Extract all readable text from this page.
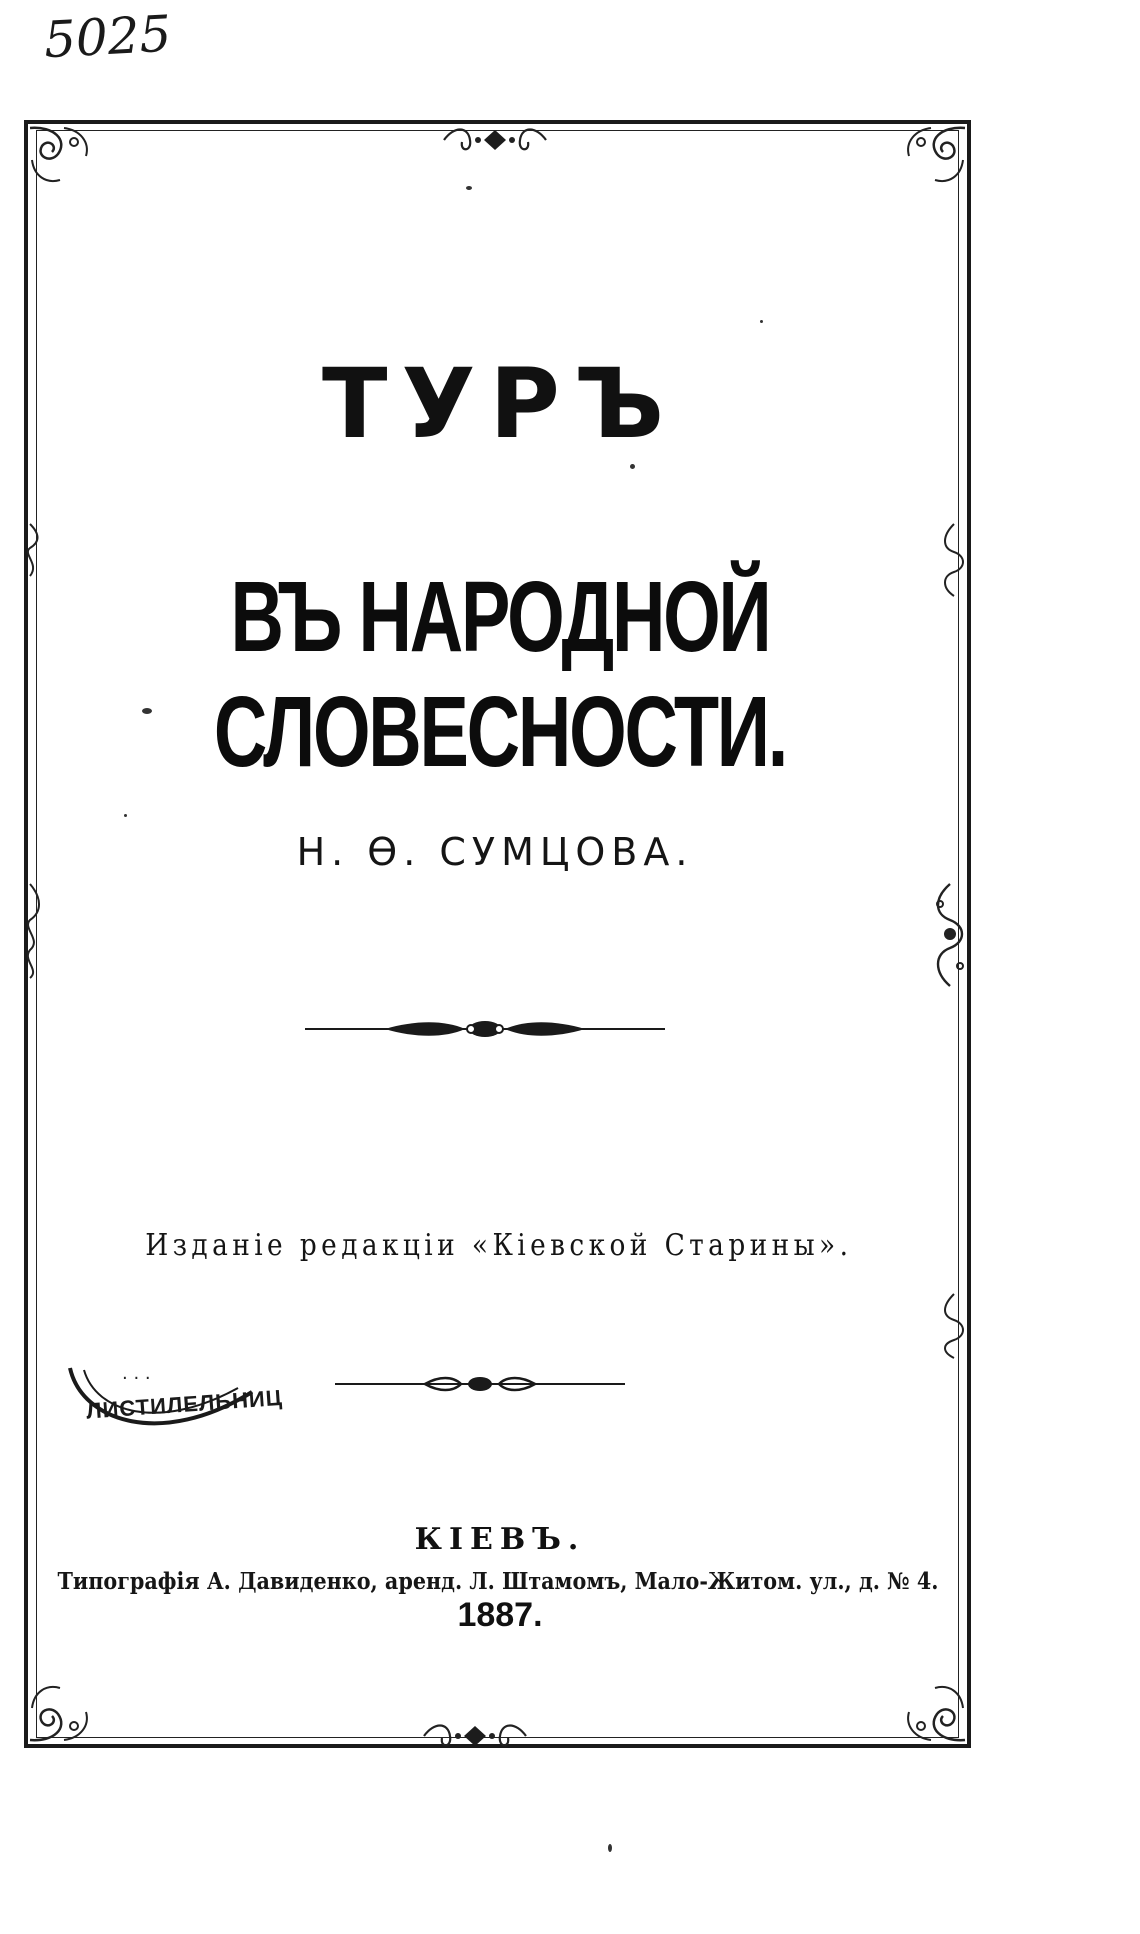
5025
ТУРЪ
ВЪ НАРОДНОЙ СЛОВЕСНОСТИ.
Н. Ѳ. СУМЦОВА.
Изданіе редакціи «Кіевской Старины».
· · ·
ЛИСТИЛЕЛЬНИЦ
КІЕВЪ.
Типографія А. Давиденко, аренд. Л. Штамомъ, Мало-Житом. ул., д. № 4.
1887.
